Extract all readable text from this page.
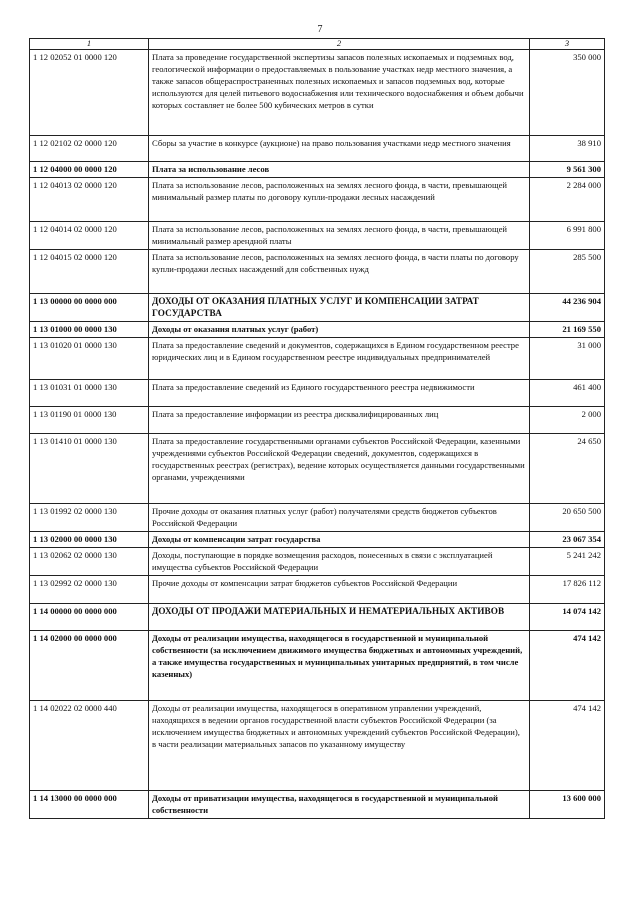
7
1	2	3
1 12 02052 01 0000 120	Плата за проведение государственной экспертизы запасов полезных ископаемых и подземных вод, геологической информации о предоставляемых в пользование участках недр местного значения, а также запасов общераспространенных полезных ископаемых и запасов подземных вод, которые используются для целей питьевого водоснабжения или технического водоснабжения и объем добычи которых составляет не более 500 кубических метров в сутки	350 000
1 12 02102 02 0000 120	Сборы за участие в конкурсе (аукционе) на право пользования участками недр местного значения	38 910
1 12 04000 00 0000 120	Плата за использование лесов	9 561 300
1 12 04013 02 0000 120	Плата за использование лесов, расположенных на землях лесного фонда, в части, превышающей минимальный размер платы по договору купли-продажи лесных насаждений	2 284 000
1 12 04014 02 0000 120	Плата за использование лесов, расположенных на землях лесного фонда, в части, превышающей минимальный размер арендной платы	6 991 800
1 12 04015 02 0000 120	Плата за использование лесов, расположенных на землях лесного фонда, в части платы по договору купли-продажи лесных насаждений для собственных нужд	285 500
1 13 00000 00 0000 000	ДОХОДЫ ОТ ОКАЗАНИЯ ПЛАТНЫХ УСЛУГ И КОМПЕНСАЦИИ ЗАТРАТ ГОСУДАРСТВА	44 236 904
1 13 01000 00 0000 130	Доходы от оказания платных услуг (работ)	21 169 550
1 13 01020 01 0000 130	Плата за предоставление сведений и документов, содержащихся в Едином государственном реестре юридических лиц и в Едином государственном реестре индивидуальных предпринимателей	31 000
1 13 01031 01 0000 130	Плата за предоставление сведений из Единого государственного реестра недвижимости	461 400
1 13 01190 01 0000 130	Плата за предоставление информации из реестра дисквалифицированных лиц	2 000
1 13 01410 01 0000 130	Плата за предоставление государственными органами субъектов Российской Федерации, казенными учреждениями субъектов Российской Федерации сведений, документов, содержащихся в государственных реестрах (регистрах), ведение которых осуществляется данными государственными органами, учреждениями	24 650
1 13 01992 02 0000 130	Прочие доходы от оказания платных услуг (работ) получателями средств бюджетов субъектов Российской Федерации	20 650 500
1 13 02000 00 0000 130	Доходы от компенсации затрат государства	23 067 354
1 13 02062 02 0000 130	Доходы, поступающие в порядке возмещения расходов, понесенных в связи с эксплуатацией имущества субъектов Российской Федерации	5 241 242
1 13 02992 02 0000 130	Прочие доходы от компенсации затрат бюджетов субъектов Российской Федерации	17 826 112
1 14 00000 00 0000 000	ДОХОДЫ ОТ ПРОДАЖИ МАТЕРИАЛЬНЫХ И НЕМАТЕРИАЛЬНЫХ АКТИВОВ	14 074 142
1 14 02000 00 0000 000	Доходы от реализации имущества, находящегося в государственной и муниципальной собственности (за исключением движимого имущества бюджетных и автономных учреждений, а также имущества государственных и муниципальных унитарных предприятий, в том числе казенных)	474 142
1 14 02022 02 0000 440	Доходы от реализации имущества, находящегося в оперативном управлении учреждений, находящихся в ведении органов государственной власти субъектов Российской Федерации (за исключением имущества бюджетных и автономных учреждений субъектов Российской Федерации), в части реализации материальных запасов по указанному имуществу	474 142
1 14 13000 00 0000 000	Доходы от приватизации имущества, находящегося в государственной и муниципальной собственности	13 600 000
